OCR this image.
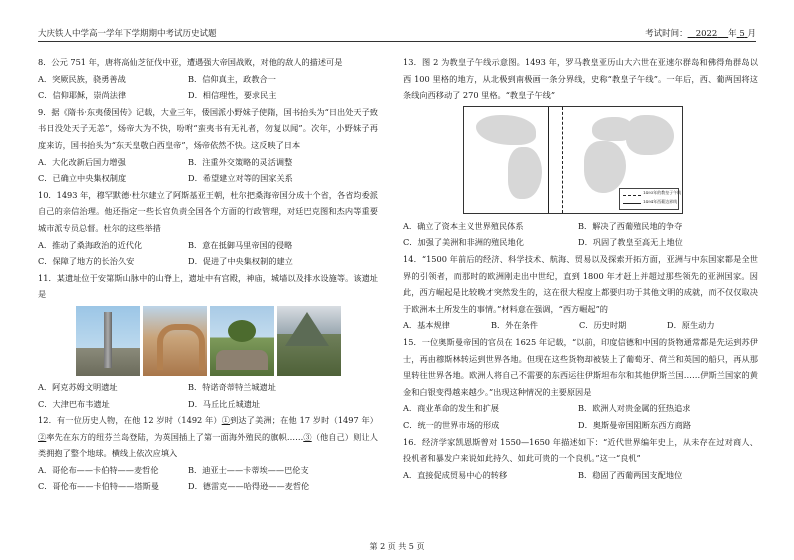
大庆铁人中学高一学年下学期期中考试历史试题	考试时间： 2022 年 5 月
8．公元 751 年，唐将高仙芝征伐中亚，遭遇强大帝国战败，对他的敌人的描述可是
A．突厥民族，骁勇善战	B．信仰真主，政教合一
C．信仰耶稣，崇尚法律	D．相信理性，要求民主
9．据《隋书·东夷倭国传》记载，大业三年，倭国派小野妹子使隋，国书抬头为“日出处天子致书日没处天子无恙”，炀帝大为不快，吩咐“蛮夷书有无礼者，勿复以闻”。次年，小野妹子再度来访，国书抬头为“东天皇敬白西皇帝”，炀帝依然不快。这反映了日本
A．大化改新后国力增强	B．注重外交策略的灵活调整
C．已确立中央集权制度	D．希望建立对等的国家关系
10．1493 年，穆罕默德·杜尔建立了阿斯基亚王朝，杜尔把桑海帝国分成十个省，各省均委派自己的亲信治理。他还指定一些长官负责全国各个方面的行政管理，对廷巴克图和杰内等重要城市派专员总督。杜尔的这些举措
A．推动了桑海政治的近代化	B．意在抵御马里帝国的侵略
C．保障了地方的长治久安	D．促进了中央集权制的建立
11．某遗址位于安第斯山脉中的山脊上，遗址中有宫殿，神庙，城墙以及排水设施等。该遗址是
A．阿克苏姆文明遗址	B．特诺奇蒂特兰城遗址
C．大津巴布韦遗址	D．马丘比丘城遗址
12．有一位历史人物，在他 12 岁时（1492 年）①到达了美洲；在他 17 岁时（1497 年）②率先在东方的纽芬兰岛登陆，为英国插上了第一面海外殖民的旗帜……③（他自己）则让人类拥抱了整个地球。横线上依次应填入
A．哥伦布——卡伯特——麦哲伦	B．迪亚士——卡蒂埃——巴伦支
C．哥伦布——卡伯特——塔斯曼	D．德雷克——哈得逊——麦哲伦
13．图 2 为教皇子午线示意图。1493 年，罗马教皇亚历山大六世在亚速尔群岛和佛得角群岛以西 100 里格的地方，从北极到南极画一条分界线，史称“教皇子午线”。一年后，西、葡两国将这条线向西移动了 270 里格。“教皇子午线”
1493年的教皇子午线
1494年西葡边界线
A．确立了资本主义世界殖民体系	B．解决了西葡殖民地的争夺
C．加强了美洲和非洲的殖民地化	D．巩固了教皇至高无上地位
14．“1500 年前后的经济、科学技术、航海、贸易以及探索开拓方面，亚洲与中东国家都是全世界的引领者，而那时的欧洲刚走出中世纪，直到 1800 年才赶上并超过那些领先的亚洲国家。因此，西方崛起是比较晚才突然发生的，这在很大程度上都要归功于其他文明的成就，而不仅仅取决于欧洲本土所发生的事情。”材料意在强调，“西方崛起”的
A．基本规律	B．外在条件	C．历史时期	D．原生动力
15．一位奥斯曼帝国的官员在 1625 年记载，“以前，印度信德和中国的货物通常都是先运到苏伊士，再由穆斯林转运到世界各地。但现在这些货物却被装上了葡萄牙、荷兰和英国的船只，再从那里转往世界各地。欧洲人将自己不需要的东西运往伊斯坦布尔和其他伊斯兰国……伊斯兰国家的黄金和白银变得越来越少。”出现这种情况的主要原因是
A．商业革命的发生和扩展	B．欧洲人对贵金属的狂热追求
C．统一的世界市场的形成	D．奥斯曼帝国阻断东西方商路
16．经济学家凯恩斯曾对 1550—1650 年描述如下：“近代世界编年史上，从未存在过对商人、投机者和暴发户来说如此持久、如此可贵的一个良机。”这一“良机”
A．直接促成贸易中心的转移	B．稳固了西葡两国支配地位
第 2 页 共 5 页
